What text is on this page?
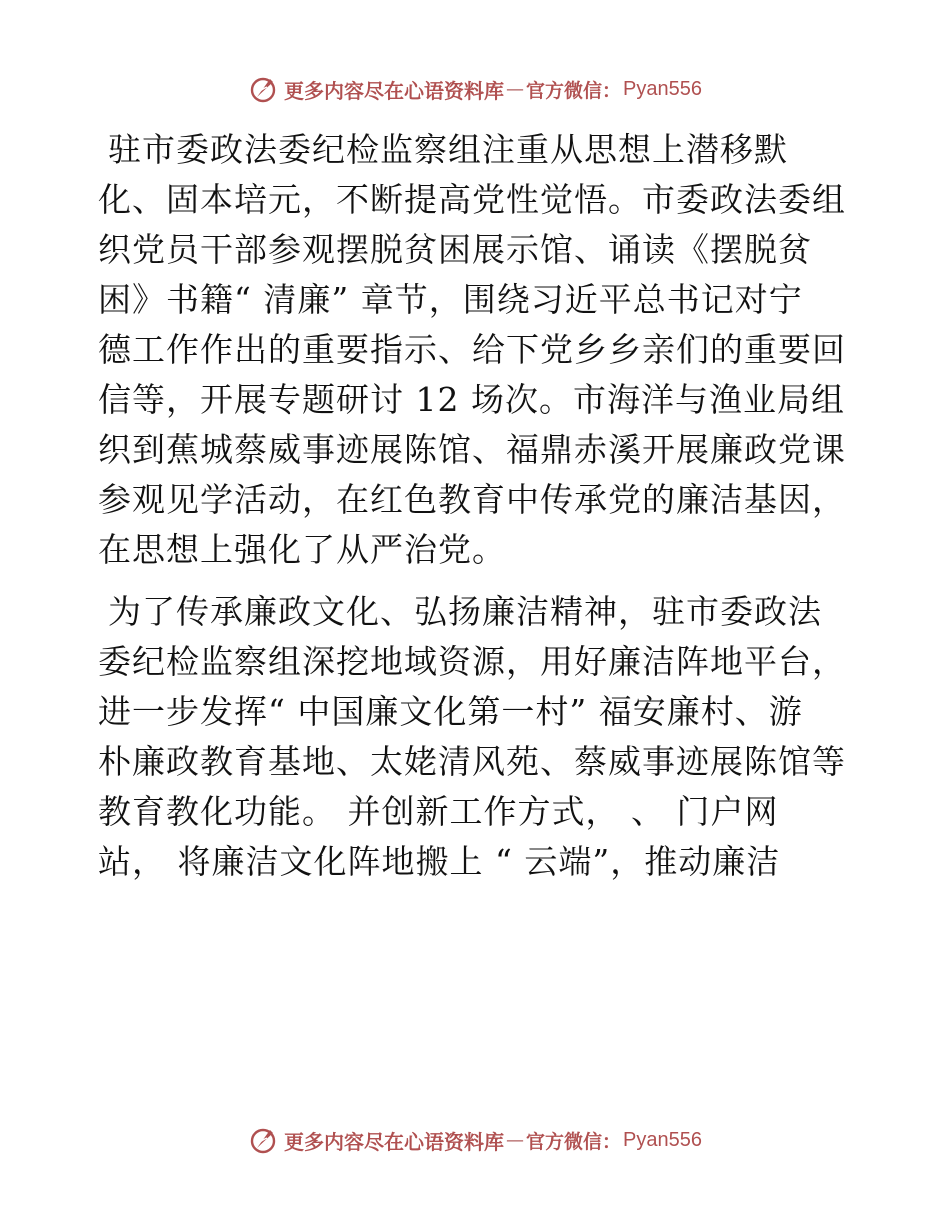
更多内容尽在心语资料库 — 官方微信： Pyan556
驻市委政法委纪检监察组注重从思想上潜移默
化、固本培元，不断提高党性觉悟。市委政法委组
织党员干部参观摆脱贫困展示馆、诵读《摆脱贫
困》书籍“ 清廉” 章节，围绕习近平总书记对宁
德工作作出的重要指示、给下党乡乡亲们的重要回
信等，开展专题研讨 12 场次。市海洋与渔业局组
织到蕉城蔡威事迹展陈馆、福鼎赤溪开展廉政党课
参观见学活动，在红色教育中传承党的廉洁基因，
在思想上强化了从严治党。
为了传承廉政文化、弘扬廉洁精神，驻市委政法
委纪检监察组深挖地域资源，用好廉洁阵地平台，
进一步发挥“ 中国廉文化第一村” 福安廉村、游
朴廉政教育基地、太姥清风苑、蔡威事迹展陈馆等
教育教化功能。 并创新工作方式， 、 门户网
站， 将廉洁文化阵地搬上 “ 云端”，推动廉洁
更多内容尽在心语资料库 — 官方微信： Pyan556
